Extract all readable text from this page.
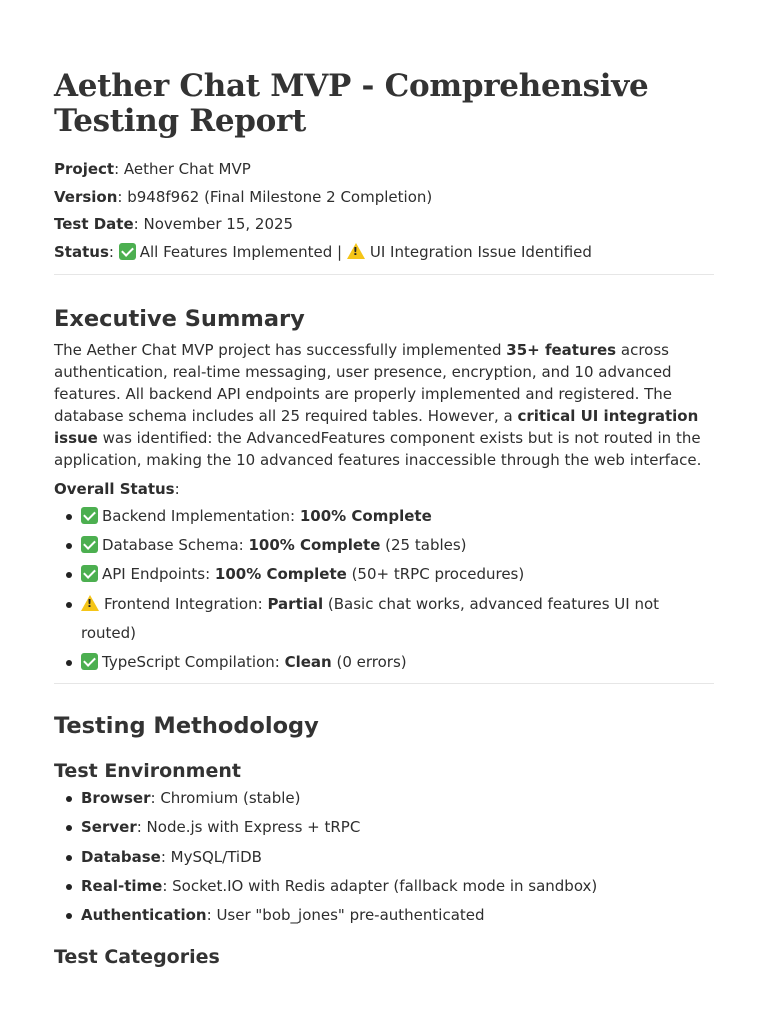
Aether Chat MVP - Comprehensive Testing Report
Project: Aether Chat MVP
Version: b948f962 (Final Milestone 2 Completion)
Test Date: November 15, 2025
Status: All Features Implemented | !UI Integration Issue Identified
Executive Summary

The Aether Chat MVP project has successfully implemented 35+ features across authentication, real-time messaging, user presence, encryption, and 10 advanced features. All backend API endpoints are properly implemented and registered. The database schema includes all 25 required tables. However, a critical UI integration issue was identified: the AdvancedFeatures component exists but is not routed in the application, making the 10 advanced features inaccessible through the web interface.

Overall Status:

Backend Implementation: 100% Complete
Database Schema: 100% Complete (25 tables)
API Endpoints: 100% Complete (50+ tRPC procedures)
!Frontend Integration: Partial (Basic chat works, advanced features UI not routed)
TypeScript Compilation: Clean (0 errors)
Testing Methodology
Test Environment
Browser: Chromium (stable)
Server: Node.js with Express + tRPC
Database: MySQL/TiDB
Real-time: Socket.IO with Redis adapter (fallback mode in sandbox)
Authentication: User "bob_jones" pre-authenticated
Test Categories
